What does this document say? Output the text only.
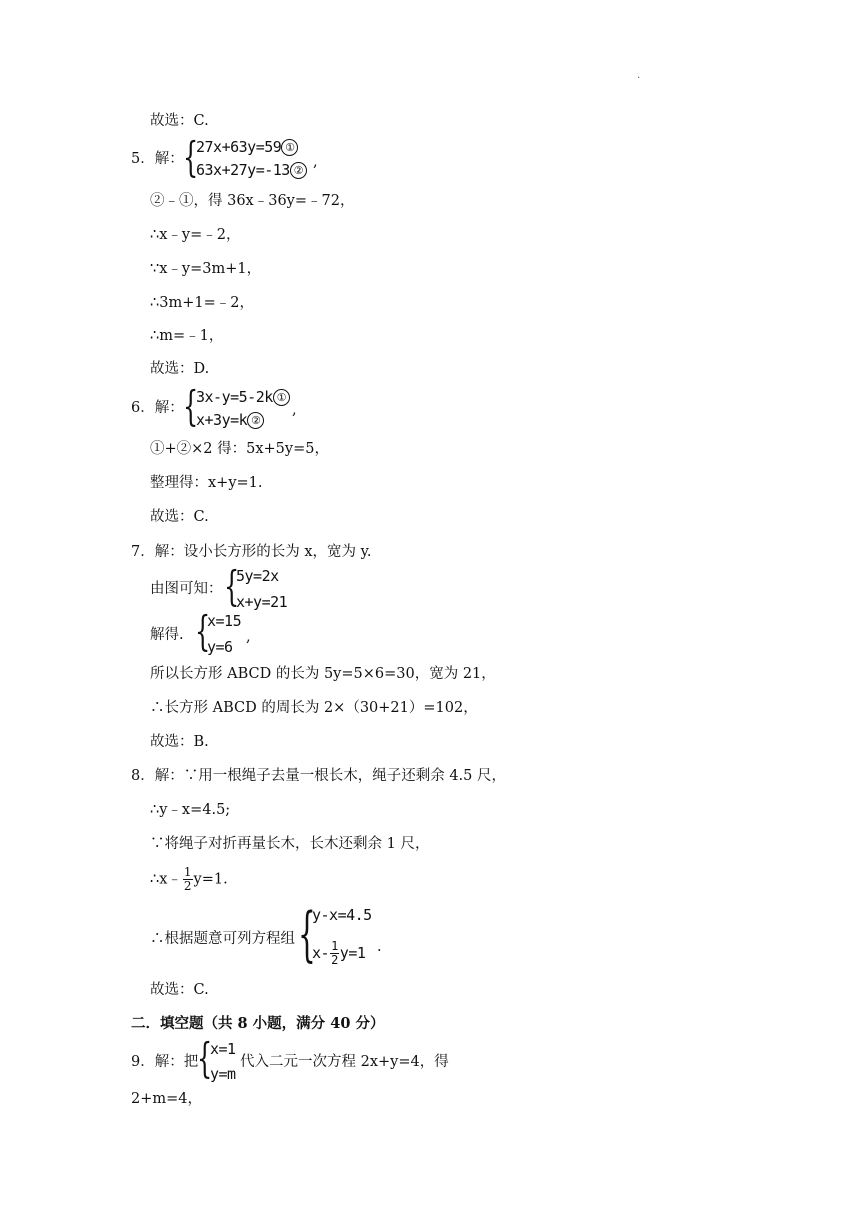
.
故选：C.
5．解： {
27x+63y=59 ①
63x+27y=-13 ②
,
②﹣①，得 36x﹣36y=﹣72，
∴x﹣y=﹣2，
∵x﹣y=3m+1，
∴3m+1=﹣2，
∴m=﹣1，
故选：D.
6．解： {
3x-y=5-2k ①
x+3y=k ②
,
①+②×2 得：5x+5y=5，
整理得：x+y=1.
故选：C.
7．解：设小长方形的长为 x，宽为 y.
由图可知： {
5y=2x
x+y=21
解得. {
x=15
y=6
,
所以长方形 ABCD 的长为 5y=5×6=30，宽为 21，
∴长方形 ABCD 的周长为 2×（30+21）=102，
故选：B.
8．解：∵用一根绳子去量一根长木，绳子还剩余 4.5 尺，
∴y﹣x=4.5;
∵将绳子对折再量长木，长木还剩余 1 尺，
∴x﹣ $\frac{1}{2} y=1$.
∴根据题意可列方程组 {
y-x=4.5
$x- \frac{1}{2} y=1$ .
故选：C.
二．填空题（共 8 小题，满分 40 分）
9．解：把
{
x=1
y=m
代入二元一次方程 2x+y=4，得
2+m=4，
